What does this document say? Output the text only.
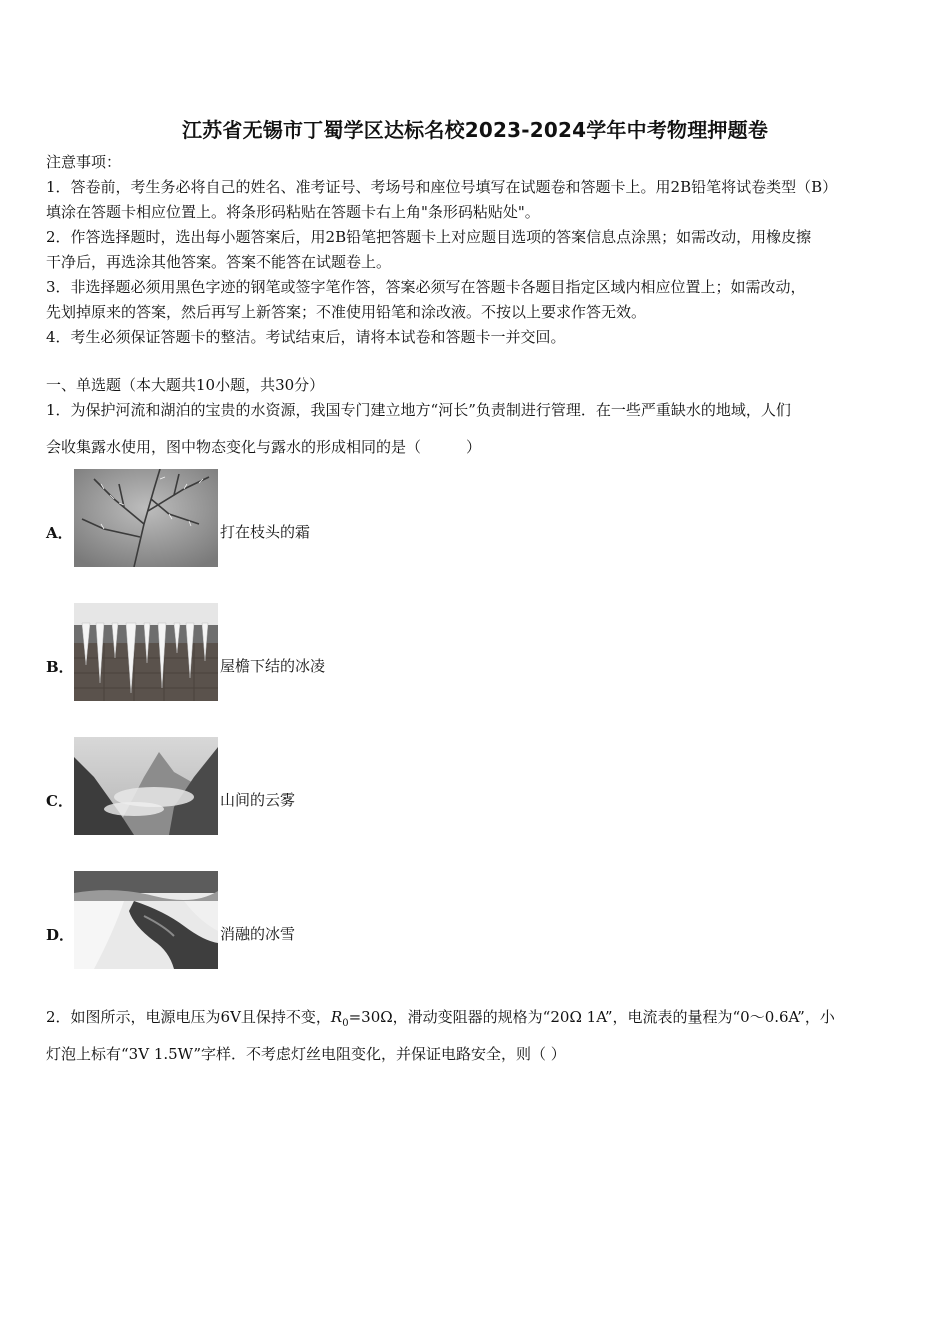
江苏省无锡市丁蜀学区达标名校2023-2024学年中考物理押题卷
注意事项：
1．答卷前，考生务必将自己的姓名、准考证号、考场号和座位号填写在试题卷和答题卡上。用2B铅笔将试卷类型（B）
填涂在答题卡相应位置上。将条形码粘贴在答题卡右上角"条形码粘贴处"。
2．作答选择题时，选出每小题答案后，用2B铅笔把答题卡上对应题目选项的答案信息点涂黑；如需改动，用橡皮擦
干净后，再选涂其他答案。答案不能答在试题卷上。
3．非选择题必须用黑色字迹的钢笔或签字笔作答，答案必须写在答题卡各题目指定区域内相应位置上；如需改动，
先划掉原来的答案，然后再写上新答案；不准使用铅笔和涂改液。不按以上要求作答无效。
4．考生必须保证答题卡的整洁。考试结束后，请将本试卷和答题卡一并交回。
一、单选题（本大题共10小题，共30分）
1．为保护河流和湖泊的宝贵的水资源，我国专门建立地方“河长”负责制进行管理．在一些严重缺水的地域，人们
会收集露水使用，图中物态变化与露水的形成相同的是（　　　）
A．	打在枝头的霜
B．	屋檐下结的冰凌
C．	山间的云雾
D．	消融的冰雪
2．如图所示，电源电压为6V且保持不变，$R_0=30\Omega$，滑动变阻器的规格为“20Ω 1A”，电流表的量程为“0～0.6A”，小
灯泡上标有“3V 1.5W”字样．不考虑灯丝电阻变化，并保证电路安全，则（ ）
